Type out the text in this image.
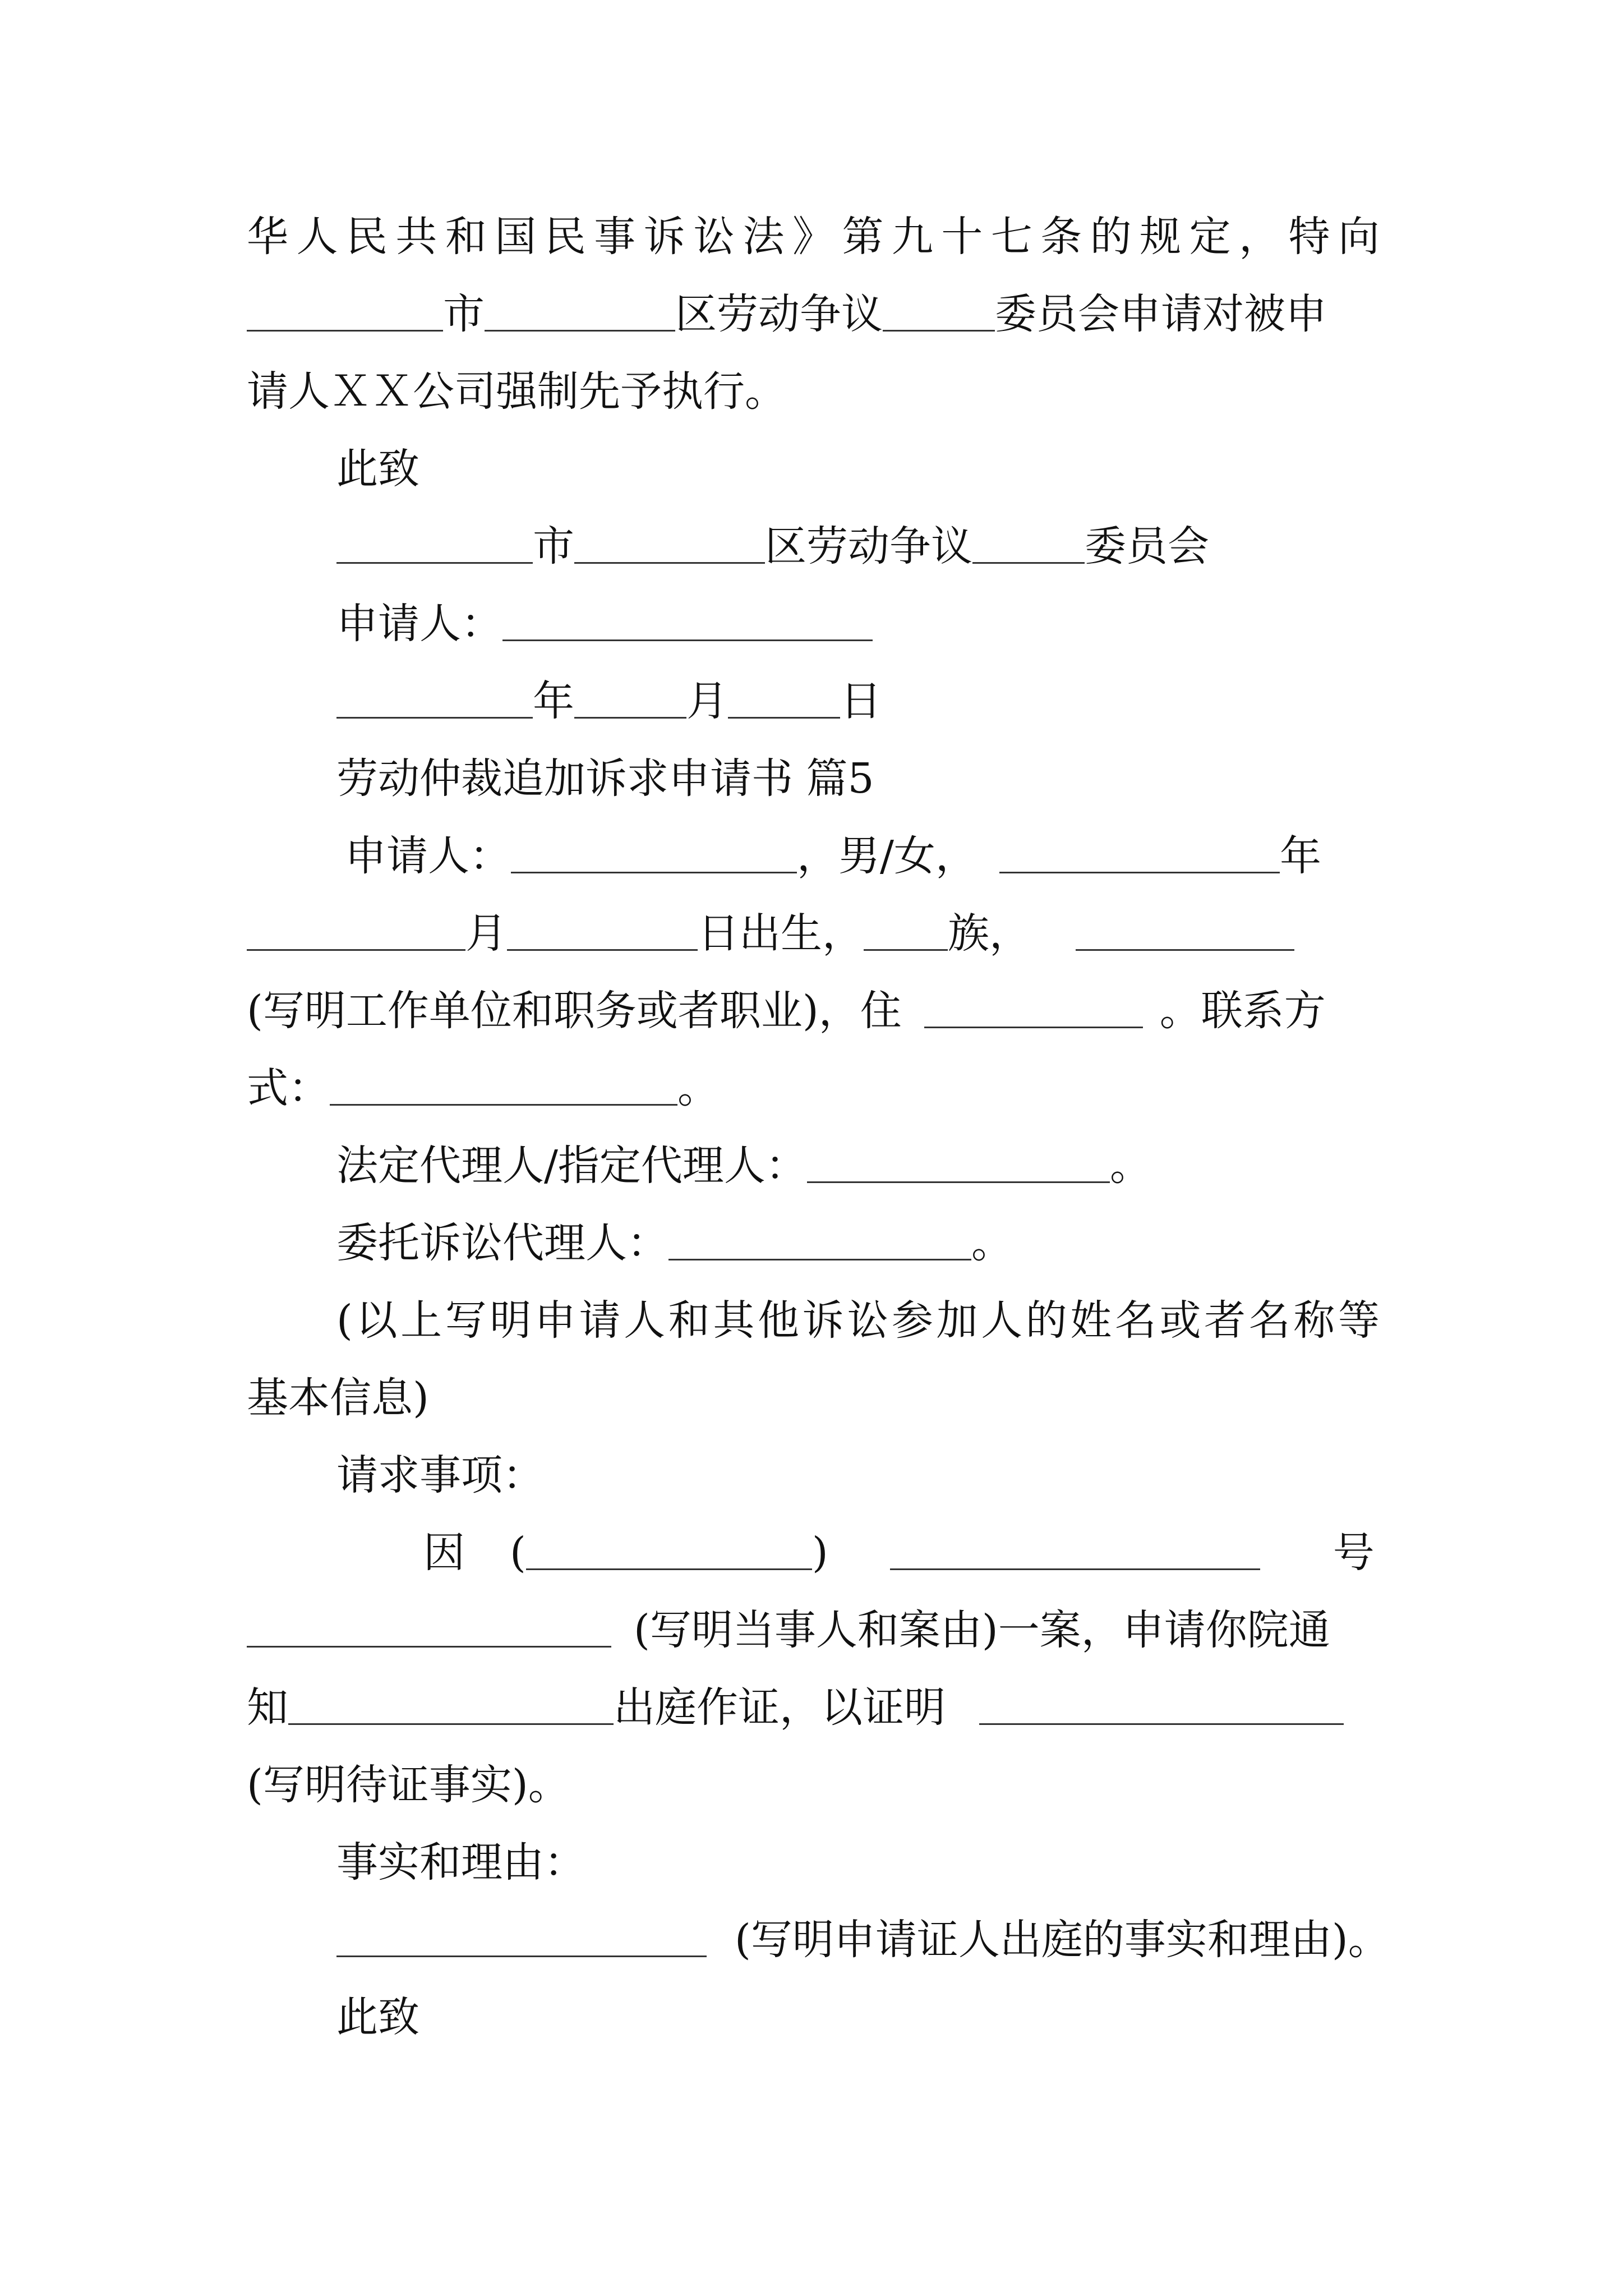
华人民共和国民事诉讼法》第九十七条的规定，特向
市	区劳动争议	委员会申请对被申
请人ＸＸ公司强制先予执行。
此致
市	区劳动争议	委员会
申请人：
年	月	日
劳动仲裁追加诉求申请书 篇5
申请人：	，男/女，	年
月	日出生， 族，
(写明工作单位和职务或者职业)，住	。联系方
式：	。
法定代理人/指定代理人：	。
委托诉讼代理人：	。
(以上写明申请人和其他诉讼参加人的姓名或者名称等
基本信息)
请求事项：
因 (	)	号
(写明当事人和案由)一案，申请你院通
知	出庭作证，以证明
(写明待证事实)。
事实和理由：
(写明申请证人出庭的事实和理由)。
此致
